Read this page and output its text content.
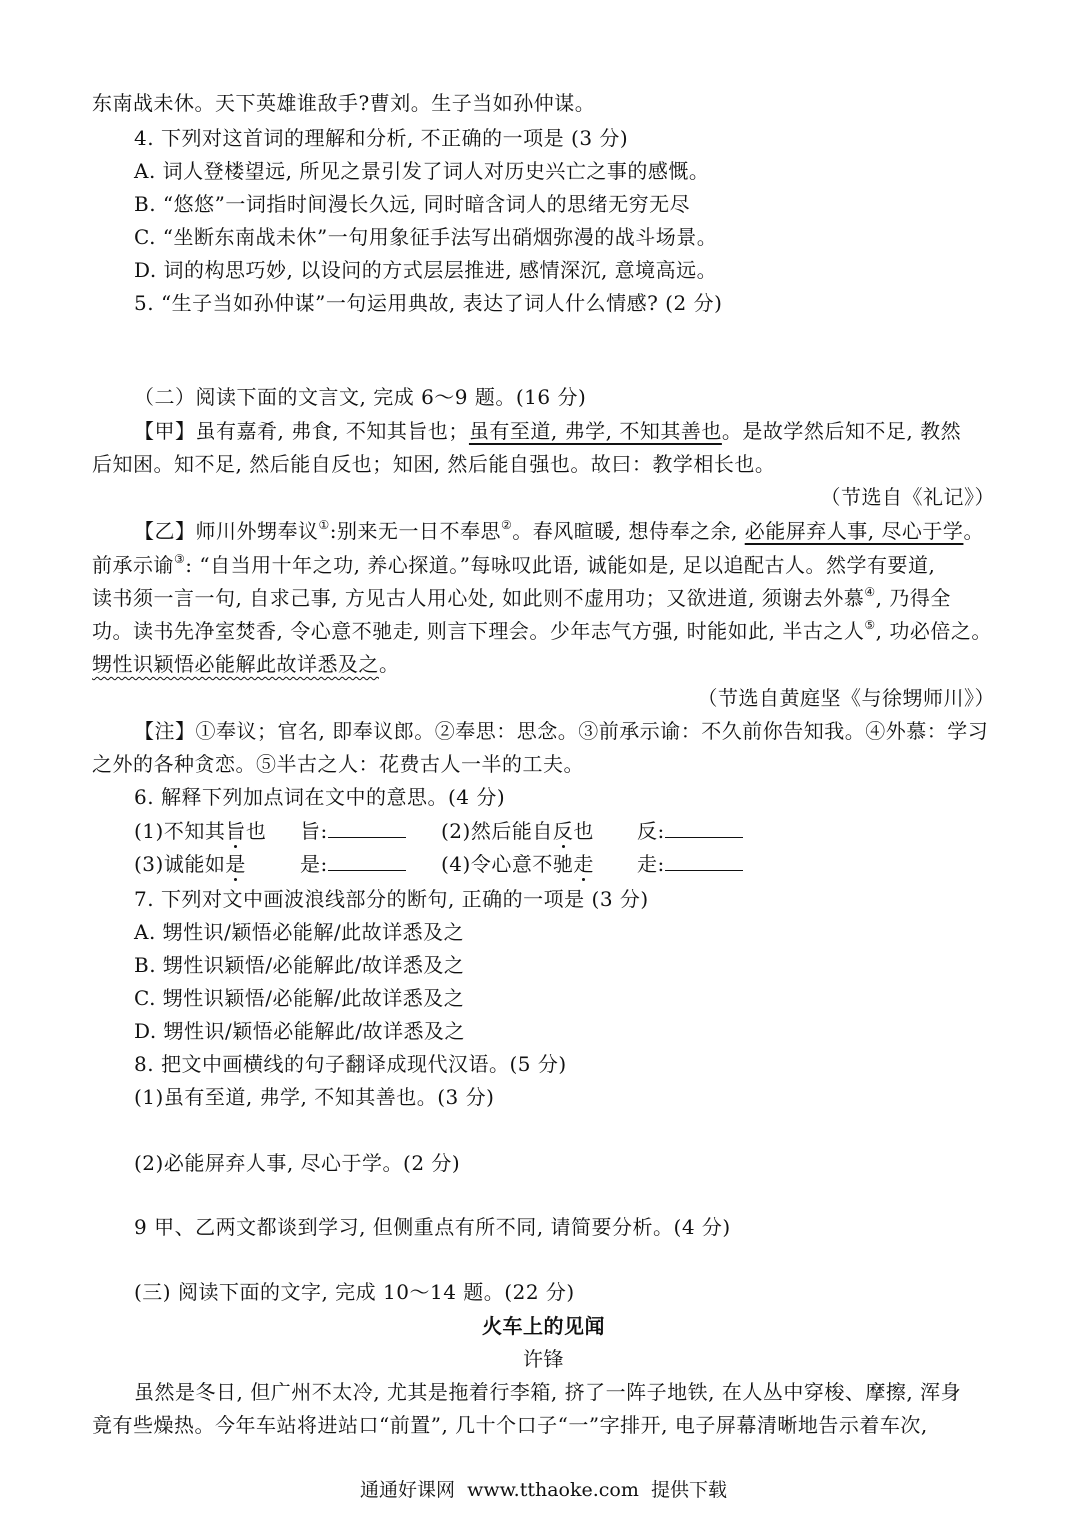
东南战未休。天下英雄谁敌手?曹刘。生子当如孙仲谋。
4. 下列对这首词的理解和分析, 不正确的一项是 (3 分)
A. 词人登楼望远, 所见之景引发了词人对历史兴亡之事的感慨。
B. “悠悠”一词指时间漫长久远, 同时暗含词人的思绪无穷无尽
C. “坐断东南战未休”一句用象征手法写出硝烟弥漫的战斗场景。
D. 词的构思巧妙, 以设问的方式层层推进, 感情深沉, 意境高远。
5. “生子当如孙仲谋”一句运用典故, 表达了词人什么情感? (2 分)
（二）阅读下面的文言文, 完成 6～9 题。(16 分)
【甲】虽有嘉肴, 弗食, 不知其旨也；虽有至道, 弗学, 不知其善也。是故学然后知不足, 教然
后知困。知不足, 然后能自反也；知困, 然后能自强也。故曰：教学相长也。
（节选自《礼记》）
【乙】师川外甥奉议①:别来无一日不奉思②。春风暄暖, 想侍奉之余, 必能屏弃人事, 尽心于学。
前承示谕③: “自当用十年之功, 养心探道。”每咏叹此语, 诚能如是, 足以追配古人。然学有要道,
读书须一言一句, 自求己事, 方见古人用心处, 如此则不虚用功；又欲进道, 须谢去外慕④, 乃得全
功。读书先净室焚香, 令心意不驰走, 则言下理会。少年志气方强, 时能如此, 半古之人⑤, 功必倍之。
甥性识颖悟必能解此故详悉及之。
（节选自黄庭坚《与徐甥师川》）
【注】①奉议；官名, 即奉议郎。②奉思：思念。③前承示谕：不久前你告知我。④外慕：学习
之外的各种贪恋。⑤半古之人：花费古人一半的工夫。
6. 解释下列加点词在文中的意思。(4 分)
(1)不知其旨也 旨:	(2)然后能自反也 反:
(3)诚能如是	是:	(4)令心意不驰走 走:
7. 下列对文中画波浪线部分的断句, 正确的一项是 (3 分)
A. 甥性识/颖悟必能解/此故详悉及之
B. 甥性识颖悟/必能解此/故详悉及之
C. 甥性识颖悟/必能解/此故详悉及之
D. 甥性识/颖悟必能解此/故详悉及之
8. 把文中画横线的句子翻译成现代汉语。(5 分)
(1)虽有至道, 弗学, 不知其善也。(3 分)
(2)必能屏弃人事, 尽心于学。(2 分)
9 甲、乙两文都谈到学习, 但侧重点有所不同, 请简要分析。(4 分)
(三) 阅读下面的文字, 完成 10～14 题。(22 分)
火车上的见闻
许锋
虽然是冬日, 但广州不太冷, 尤其是拖着行李箱, 挤了一阵子地铁, 在人丛中穿梭、摩擦, 浑身
竟有些燥热。今年车站将进站口“前置”, 几十个口子“一”字排开, 电子屏幕清晰地告示着车次,
通通好课网 www.tthaoke.com 提供下载
